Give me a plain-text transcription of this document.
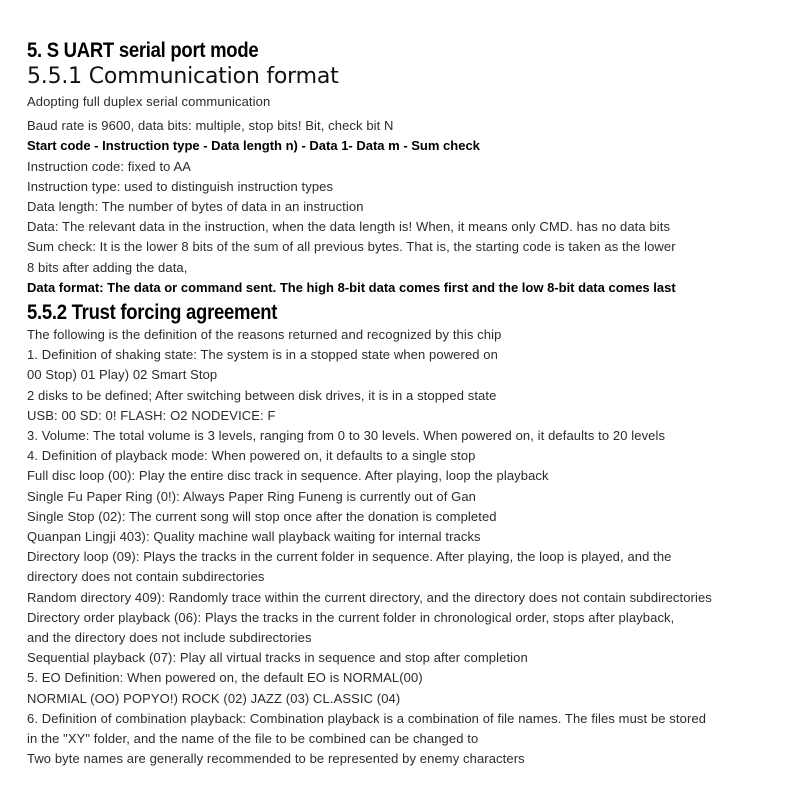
5. S UART serial port mode
5.5.1 Communication format

Adopting full duplex serial communication

Baud rate is 9600, data bits: multiple, stop bits! Bit, check bit N

Start code - Instruction type - Data length n) - Data 1- Data m - Sum check

Instruction code: fixed to AA

Instruction type: used to distinguish instruction types

Data length: The number of bytes of data in an instruction

Data: The relevant data in the instruction, when the data length is! When, it means only CMD. has no data bits

Sum check: It is the lower 8 bits of the sum of all previous bytes. That is, the starting code is taken as the lower

8 bits after adding the data,

Data format: The data or command sent. The high 8-bit data comes first and the low 8-bit data comes last

5.5.2 Trust forcing agreement

The following is the definition of the reasons returned and recognized by this chip

1. Definition of shaking state: The system is in a stopped state when powered on

00 Stop) 01 Play) 02 Smart Stop

2 disks to be defined; After switching between disk drives, it is in a stopped state

USB: 00 SD: 0! FLASH: O2 NODEVICE: F

3. Volume: The total volume is 3 levels, ranging from 0 to 30 levels. When powered on, it defaults to 20 levels

4. Definition of playback mode: When powered on, it defaults to a single stop

Full disc loop (00): Play the entire disc track in sequence. After playing, loop the playback

Single Fu Paper Ring (0!): Always Paper Ring Funeng is currently out of Gan

Single Stop (02): The current song will stop once after the donation is completed

Quanpan Lingji 403): Quality machine wall playback waiting for internal tracks

Directory loop (09): Plays the tracks in the current folder in sequence. After playing, the loop is played, and the

directory does not contain subdirectories

Random directory 409): Randomly trace within the current directory, and the directory does not contain subdirectories

Directory order playback (06): Plays the tracks in the current folder in chronological order, stops after playback,

and the directory does not include subdirectories

Sequential playback (07): Play all virtual tracks in sequence and stop after completion

5. EO Definition: When powered on, the default EO is NORMAL(00)

NORMIAL (OO) POPYO!) ROCK (02) JAZZ (03) CL.ASSIC (04)

6. Definition of combination playback: Combination playback is a combination of file names. The files must be stored

in the "XY" folder, and the name of the file to be combined can be changed to

Two byte names are generally recommended to be represented by enemy characters
